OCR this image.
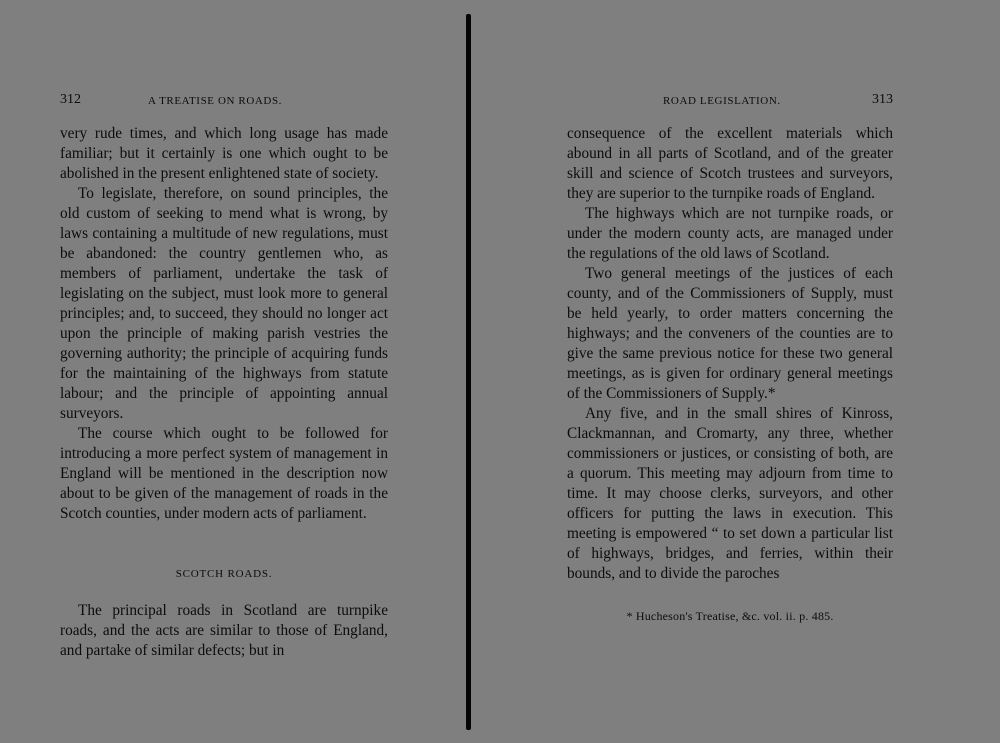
312	A TREATISE ON ROADS.

very rude times, and which long usage has made familiar; but it certainly is one which ought to be abolished in the present enlightened state of society.

To legislate, therefore, on sound principles, the old custom of seeking to mend what is wrong, by laws containing a multitude of new regulations, must be abandoned: the country gentlemen who, as members of parliament, undertake the task of legislating on the subject, must look more to general principles; and, to succeed, they should no longer act upon the principle of making parish vestries the governing authority; the principle of acquiring funds for the maintaining of the highways from statute labour; and the principle of appointing annual surveyors.

The course which ought to be followed for introducing a more perfect system of management in England will be mentioned in the description now about to be given of the management of roads in the Scotch counties, under modern acts of parliament.

SCOTCH ROADS.

The principal roads in Scotland are turnpike roads, and the acts are similar to those of England, and partake of similar defects; but in

ROAD LEGISLATION.	313

consequence of the excellent materials which abound in all parts of Scotland, and of the greater skill and science of Scotch trustees and surveyors, they are superior to the turnpike roads of England.

The highways which are not turnpike roads, or under the modern county acts, are managed under the regulations of the old laws of Scotland.

Two general meetings of the justices of each county, and of the Commissioners of Supply, must be held yearly, to order matters concerning the highways; and the conveners of the counties are to give the same previous notice for these two general meetings, as is given for ordinary general meetings of the Commissioners of Supply.*

Any five, and in the small shires of Kinross, Clackmannan, and Cromarty, any three, whether commissioners or justices, or consisting of both, are a quorum. This meeting may adjourn from time to time. It may choose clerks, surveyors, and other officers for putting the laws in execution. This meeting is empowered “ to set down a particular list of highways, bridges, and ferries, within their bounds, and to divide the paroches

* Hucheson's Treatise, &c. vol. ii. p. 485.
